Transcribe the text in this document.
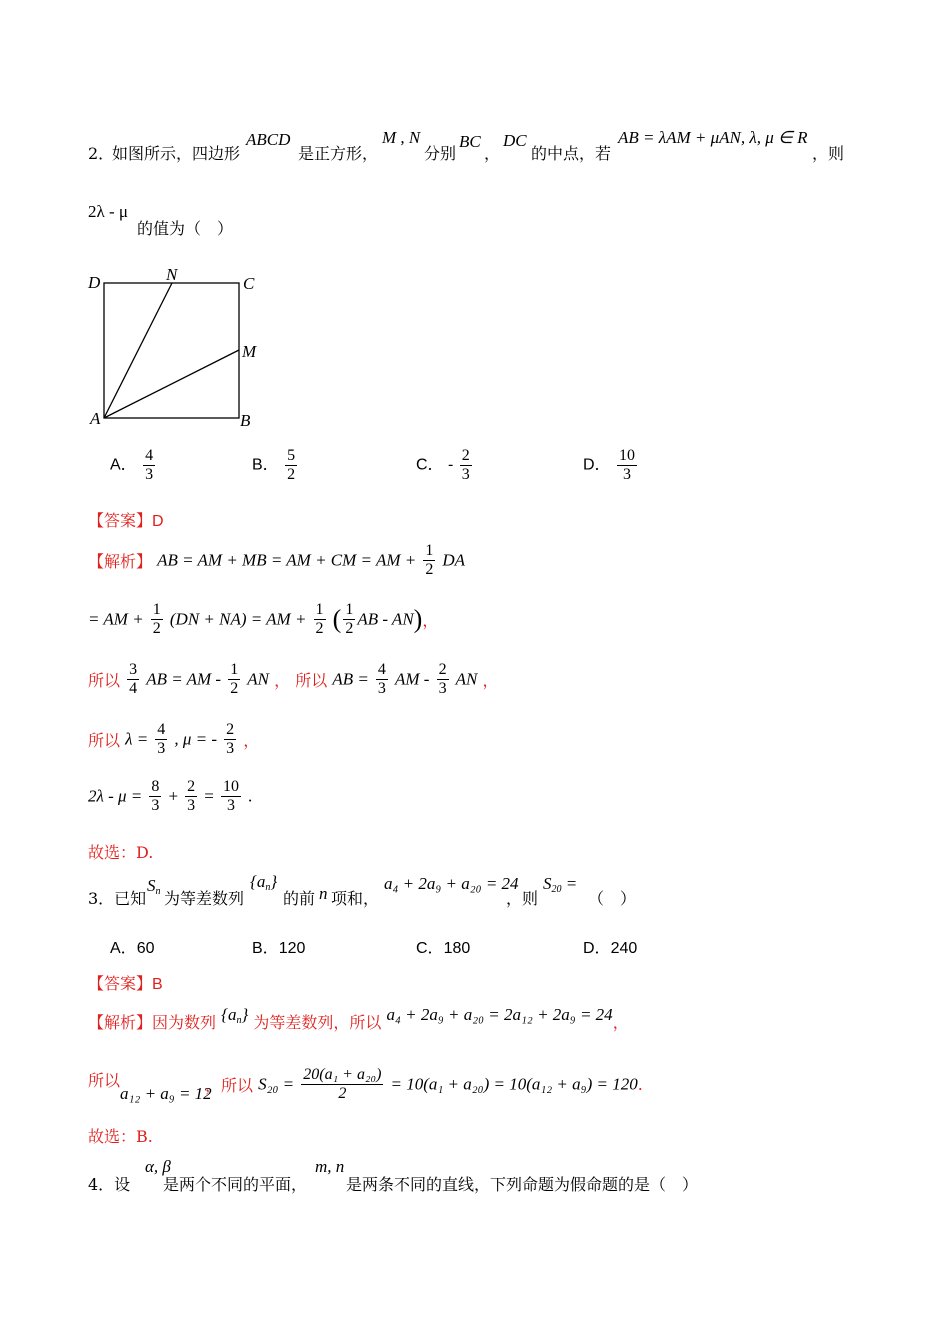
2．
如图所示，四边形
ABCD
是正方形，
M , N
分别
BC
，
DC
的中点，若
AB = λAM + μAN, λ, μ ∈ R
，则
2λ - μ
的值为（　）
D	N	C
M
A	B
A． $\frac{4}{3}$	B． $\frac{5}{2}$	C． - $\frac{2}{3}$	D． $\frac{10}{3}$
【答案】D
【解析】 AB = AM + MB = AM + CM = AM + $\frac{1}{2}$ DA
= AM + $\frac{1}{2} (DN + NA)$ = AM + $\frac{1}{2}$ ( $\frac{1}{2}$ AB - AN)，
所以 $\frac{3}{4}$ AB = AM - $\frac{1}{2}$ AN ， 所以 AB = $\frac{4}{3}$ AM - $\frac{2}{3}$ AN ，
所以 $\lambda = \frac{4}{3}$ , μ = - $\frac{2}{3}$ ，
$2\lambda - \mu = \frac{8}{3} + \frac{2}{3} = \frac{10}{3}$ .
故选：D.
3．已知
$S_n$ 为等差数列
$\{a_n\}$
的前 n 项和，
a₄ + 2a₉ + a₂₀ = 24
，则
$S_{20}$ =
（　）
A．60	B．120	C．180	D．240
【答案】B
【解析】因为数列 $\{a_n\}$ 为等差数列，所以 a₄ + 2a₉ + a₂₀ = 2a₁₂ + 2a₉ = 24，
所以
a₁₂ + a₉ = 12
，所以 $S_{20} = \frac{\text{20(a₁ + a₂₀)}}{2} = 10(a_1 + a_{20}) = 10(a_{12} + a_9) = 120$.
故选：B.
4．设
α, β
是两个不同的平面，
m, n
是两条不同的直线，下列命题为假命题的是（　）
